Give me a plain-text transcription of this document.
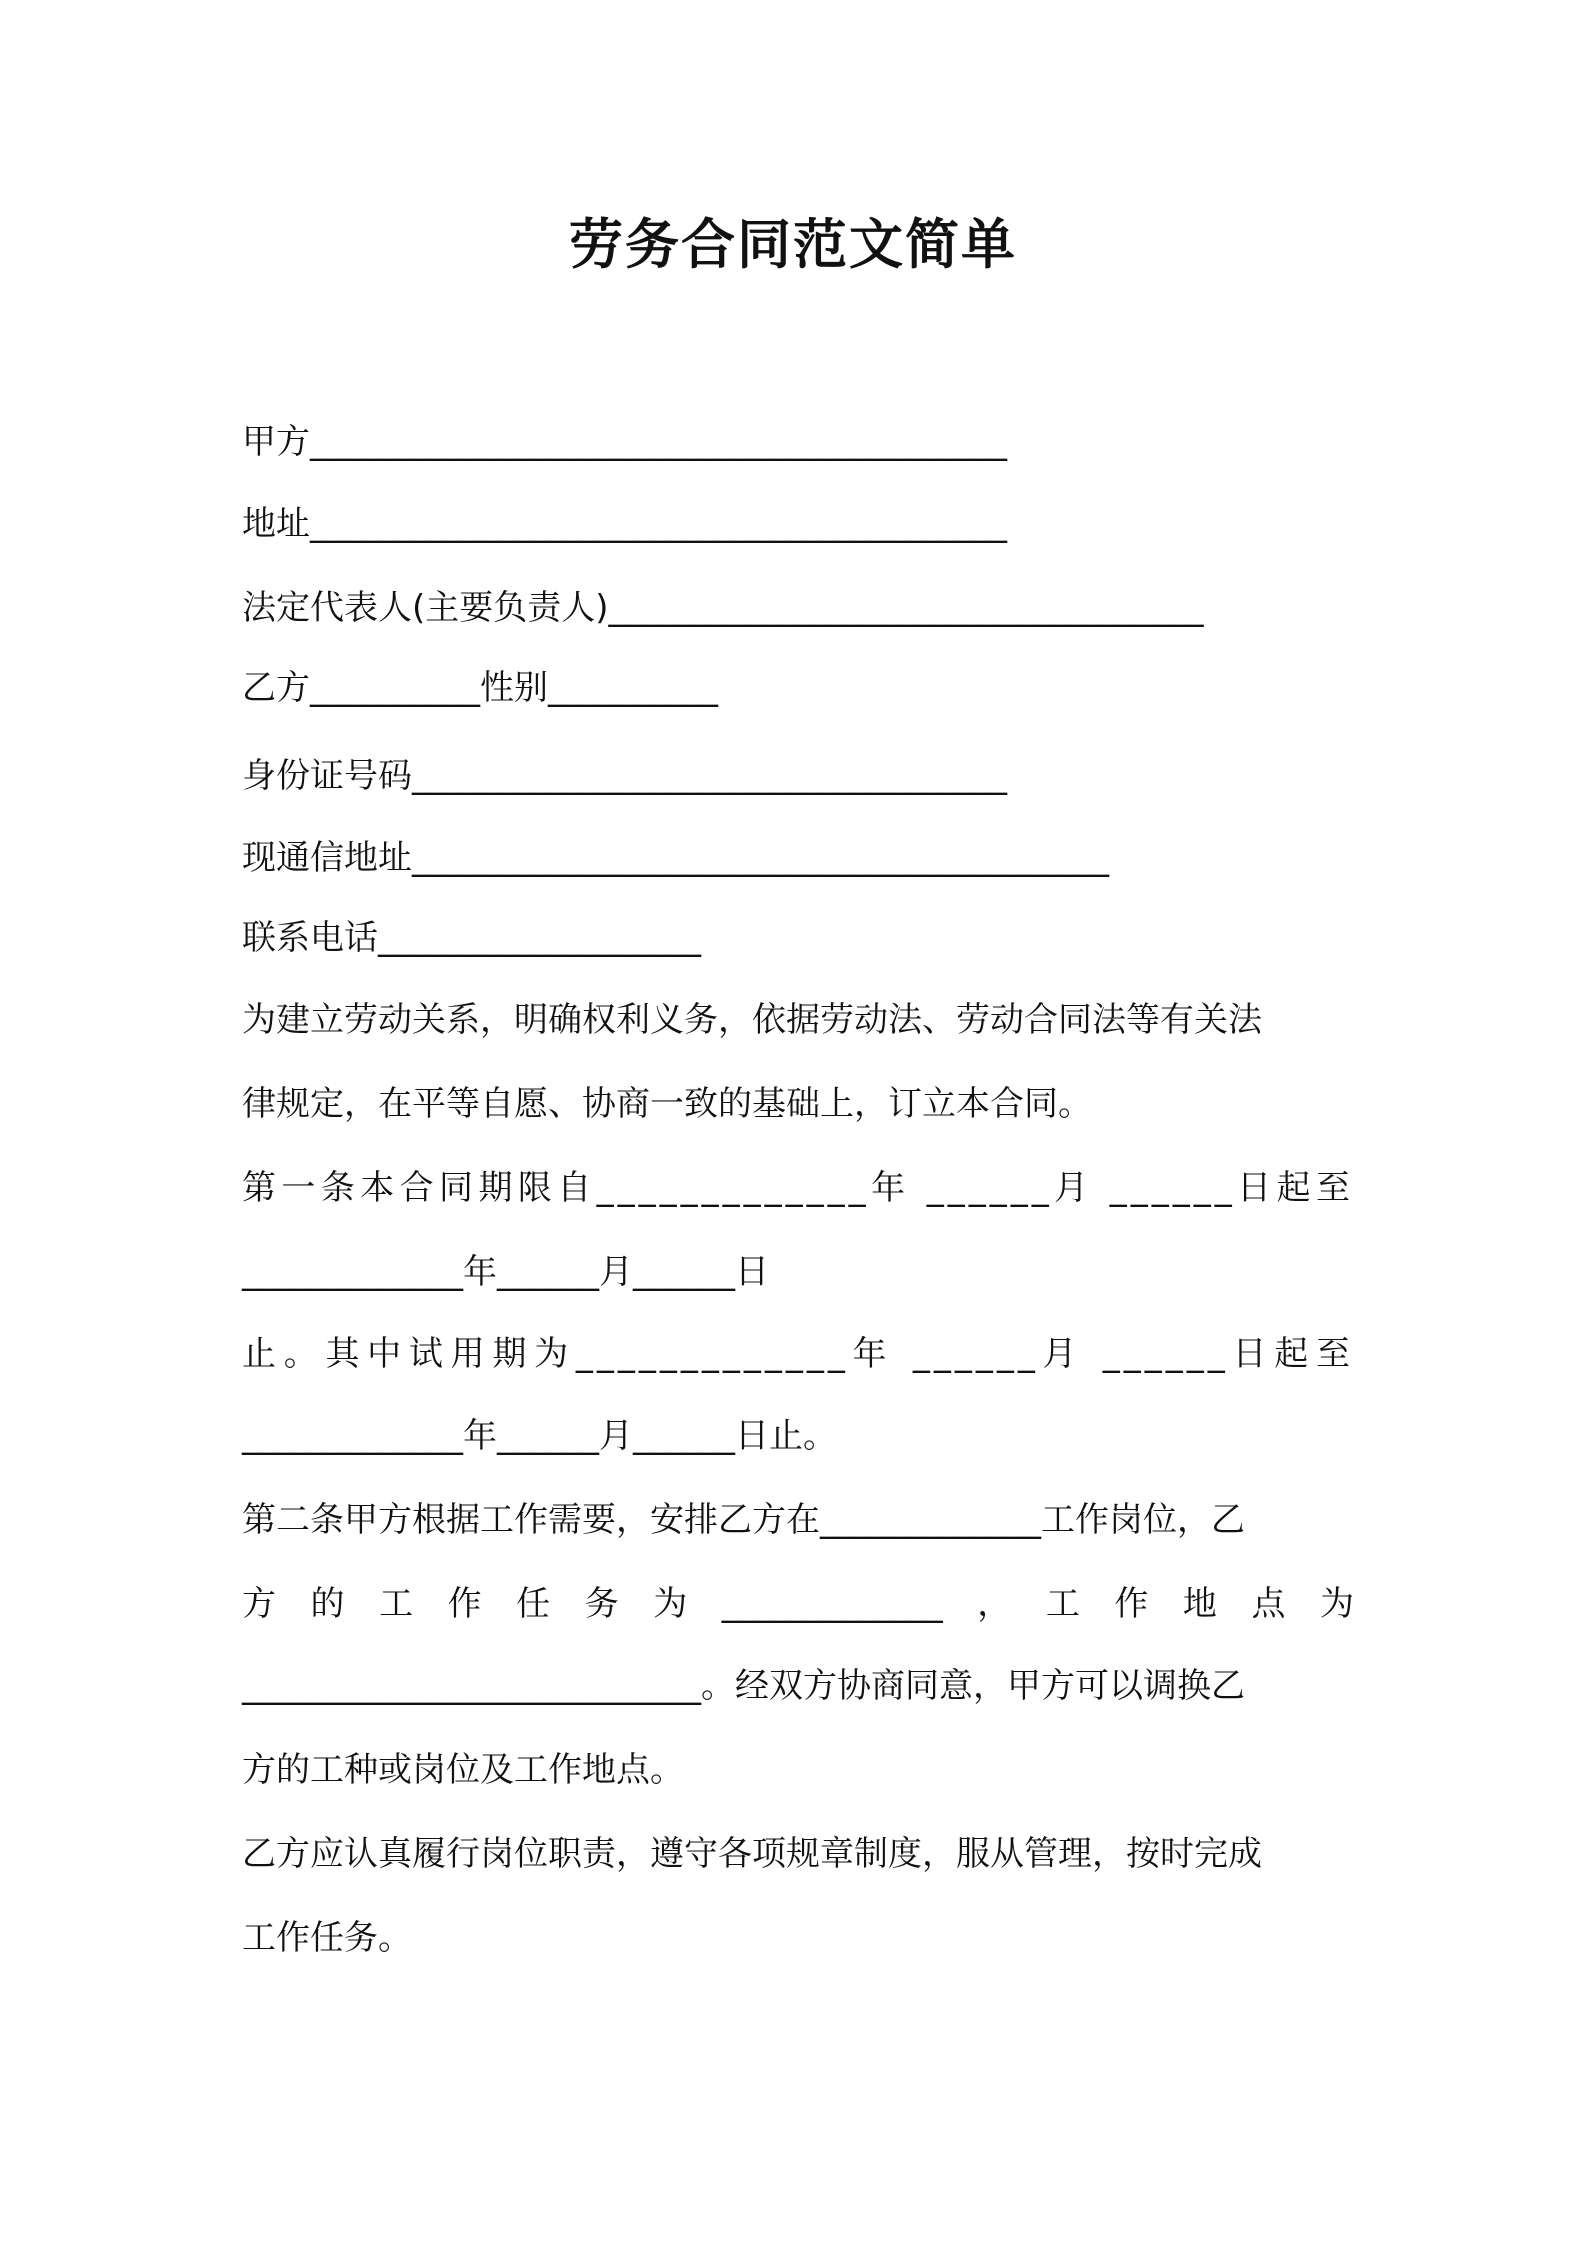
劳务合同范文简单
甲方_________________________________________
地址_________________________________________
法定代表人(主要负责人)___________________________________
乙方__________性别__________
身份证号码___________________________________
现通信地址_________________________________________
联系电话___________________
为建立劳动关系，明确权利义务，依据劳动法、劳动合同法等有关法
律规定，在平等自愿、协商一致的基础上，订立本合同。
第一条本合同期限自_____________年 ______月 ______日起至
_____________年______月______日
止。其中试用期为_____________年 ______月 ______日起至
_____________年______月______日止。
第二条甲方根据工作需要，安排乙方在_____________工作岗位，乙
方的工作任务为_____________，工作地点为
___________________________。经双方协商同意，甲方可以调换乙
方的工种或岗位及工作地点。
乙方应认真履行岗位职责，遵守各项规章制度，服从管理，按时完成
工作任务。
